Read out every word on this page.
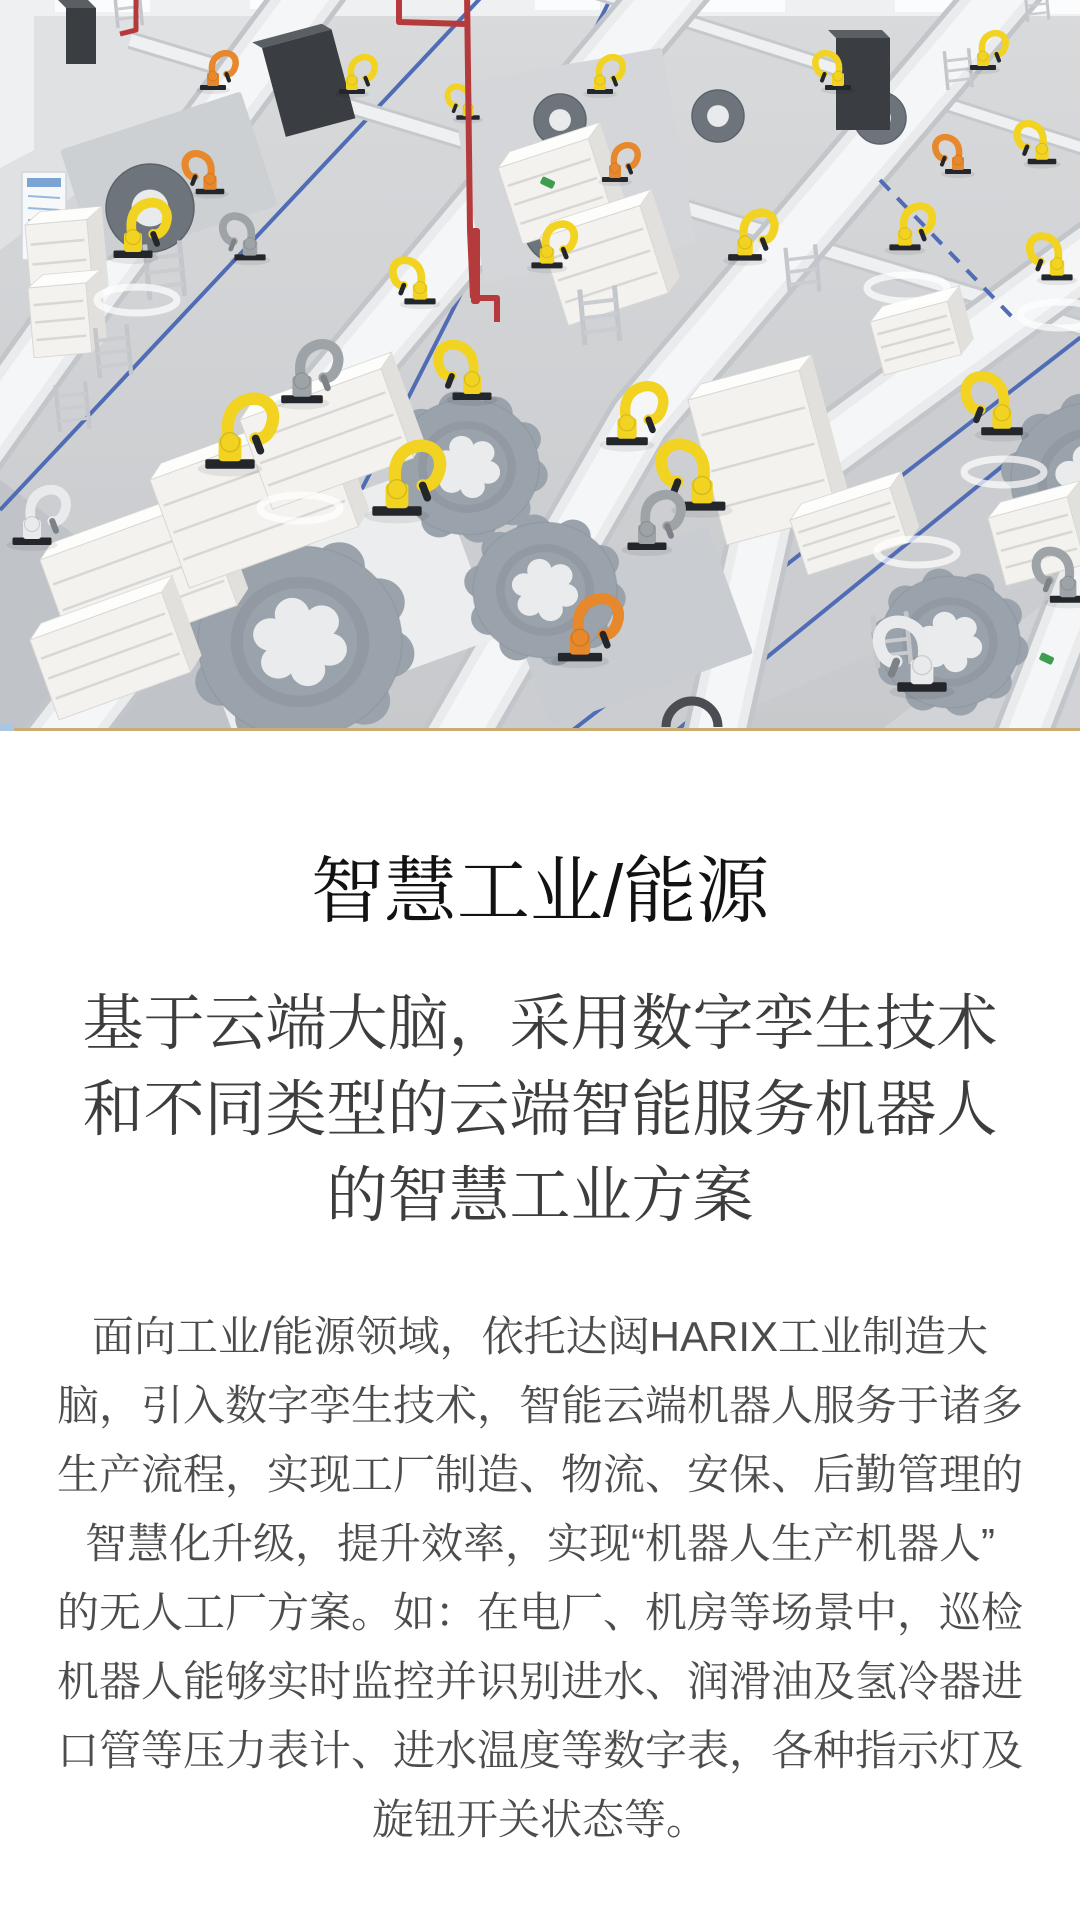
智慧工业/能源
基于云端大脑，采用数字孪生技术
和不同类型的云端智能服务机器人
的智慧工业方案
面向工业/能源领域，依托达闼HARIX工业制造大
脑，引入数字孪生技术，智能云端机器人服务于诸多
生产流程，实现工厂制造、物流、安保、后勤管理的
智慧化升级，提升效率，实现“机器人生产机器人”
的无人工厂方案。如：在电厂、机房等场景中，巡检
机器人能够实时监控并识别进水、润滑油及氢冷器进
口管等压力表计、进水温度等数字表，各种指示灯及
旋钮开关状态等。
